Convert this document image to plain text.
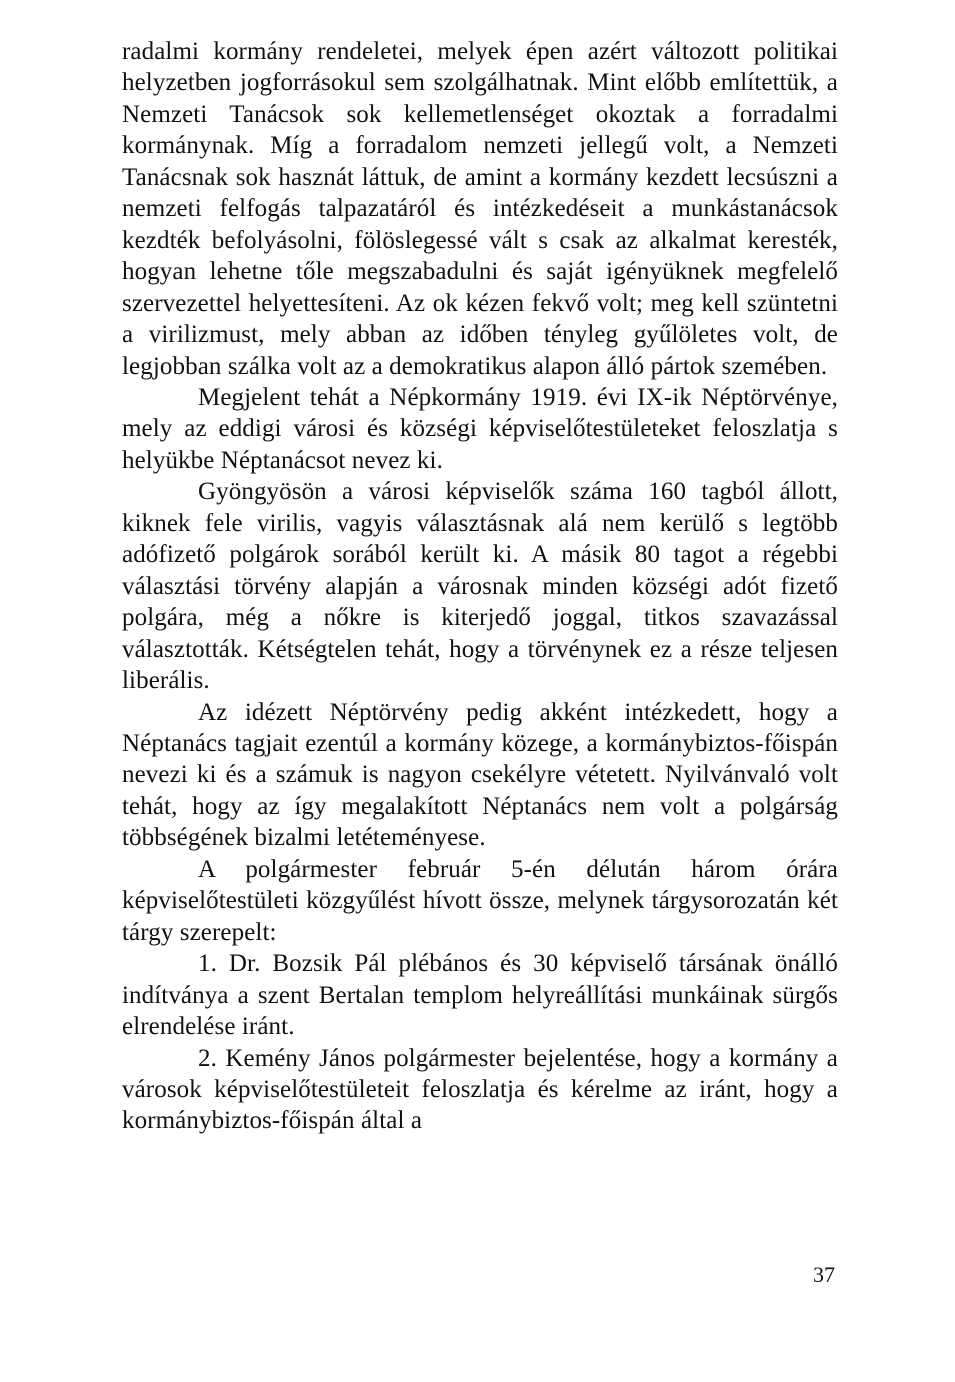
radalmi kormány rendeletei, melyek épen azért változott politikai helyzetben jogforrásokul sem szolgálhatnak. Mint előbb említettük, a Nemzeti Tanácsok sok kellemetlenséget okoztak a forradalmi kormánynak. Míg a forradalom nemzeti jellegű volt, a Nemzeti Tanácsnak sok hasznát láttuk, de amint a kormány kezdett lecsúszni a nemzeti felfogás talpazatáról és intézkedéseit a munkástanácsok kezdték befolyásolni, fölöslegessé vált s csak az alkalmat keresték, hogyan lehetne tőle megszabadulni és saját igényüknek megfelelő szervezettel helyettesíteni. Az ok kézen fekvő volt; meg kell szüntetni a virilizmust, mely abban az időben tényleg gyűlöletes volt, de legjobban szálka volt az a demokratikus alapon álló pártok szemében.

Megjelent tehát a Népkormány 1919. évi IX-ik Néptörvénye, mely az eddigi városi és községi képviselőtestületeket feloszlatja s helyükbe Néptanácsot nevez ki.

Gyöngyösön a városi képviselők száma 160 tagból állott, kiknek fele virilis, vagyis választásnak alá nem kerülő s legtöbb adófizető polgárok sorából került ki. A másik 80 tagot a régebbi választási törvény alapján a városnak minden községi adót fizető polgára, még a nőkre is kiterjedő joggal, titkos szavazással választották. Kétségtelen tehát, hogy a törvénynek ez a része teljesen liberális.

Az idézett Néptörvény pedig akként intézkedett, hogy a Néptanács tagjait ezentúl a kormány közege, a kormánybiztos-főispán nevezi ki és a számuk is nagyon csekélyre vétetett. Nyilvánvaló volt tehát, hogy az így megalakított Néptanács nem volt a polgárság többségének bizalmi letéteményese.

A polgármester február 5-én délután három órára képviselőtestületi közgyűlést hívott össze, melynek tárgysorozatán két tárgy szerepelt:

1. Dr. Bozsik Pál plébános és 30 képviselő társának önálló indítványa a szent Bertalan templom helyreállítási munkáinak sürgős elrendelése iránt.

2. Kemény János polgármester bejelentése, hogy a kormány a városok képviselőtestületeit feloszlatja és kérelme az iránt, hogy a kormánybiztos-főispán által a

37
